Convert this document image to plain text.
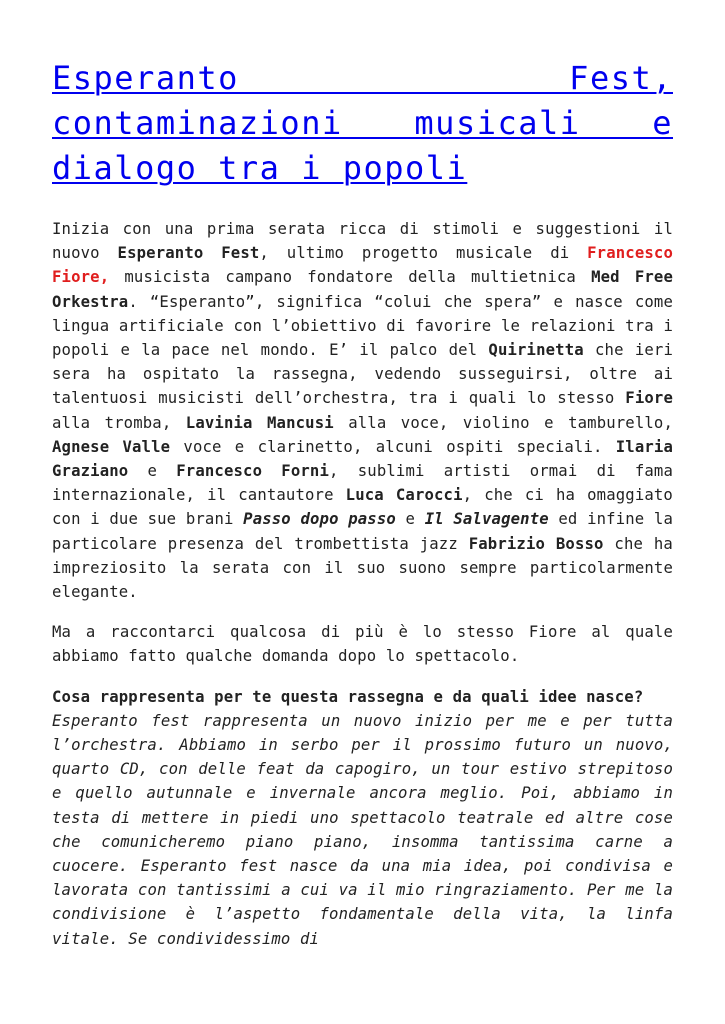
Esperanto Fest, contaminazioni musicali e dialogo tra i popoli

Inizia con una prima serata ricca di stimoli e suggestioni il nuovo Esperanto Fest, ultimo progetto musicale di Francesco Fiore, musicista campano fondatore della multietnica Med Free Orkestra. “Esperanto”, significa “colui che spera” e nasce come lingua artificiale con l’obiettivo di favorire le relazioni tra i popoli e la pace nel mondo. E’ il palco del Quirinetta che ieri sera ha ospitato la rassegna, vedendo susseguirsi, oltre ai talentuosi musicisti dell’orchestra, tra i quali lo stesso Fiore alla tromba, Lavinia Mancusi alla voce, violino e tamburello, Agnese Valle voce e clarinetto, alcuni ospiti speciali. Ilaria Graziano e Francesco Forni, sublimi artisti ormai di fama internazionale, il cantautore Luca Carocci, che ci ha omaggiato con i due sue brani Passo dopo passo e Il Salvagente ed infine la particolare presenza del trombettista jazz Fabrizio Bosso che ha impreziosito la serata con il suo suono sempre particolarmente elegante.

Ma a raccontarci qualcosa di più è lo stesso Fiore al quale abbiamo fatto qualche domanda dopo lo spettacolo.

Cosa rappresenta per te questa rassegna e da quali idee nasce?
Esperanto fest rappresenta un nuovo inizio per me e per tutta l’orchestra. Abbiamo in serbo per il prossimo futuro un nuovo, quarto CD, con delle feat da capogiro, un tour estivo strepitoso e quello autunnale e invernale ancora meglio. Poi, abbiamo in testa di mettere in piedi uno spettacolo teatrale ed altre cose che comunicheremo piano piano, insomma tantissima carne a cuocere. Esperanto fest nasce da una mia idea, poi condivisa e lavorata con tantissimi a cui va il mio ringraziamento. Per me la condivisione è l’aspetto fondamentale della vita, la linfa vitale. Se condividessimo di
